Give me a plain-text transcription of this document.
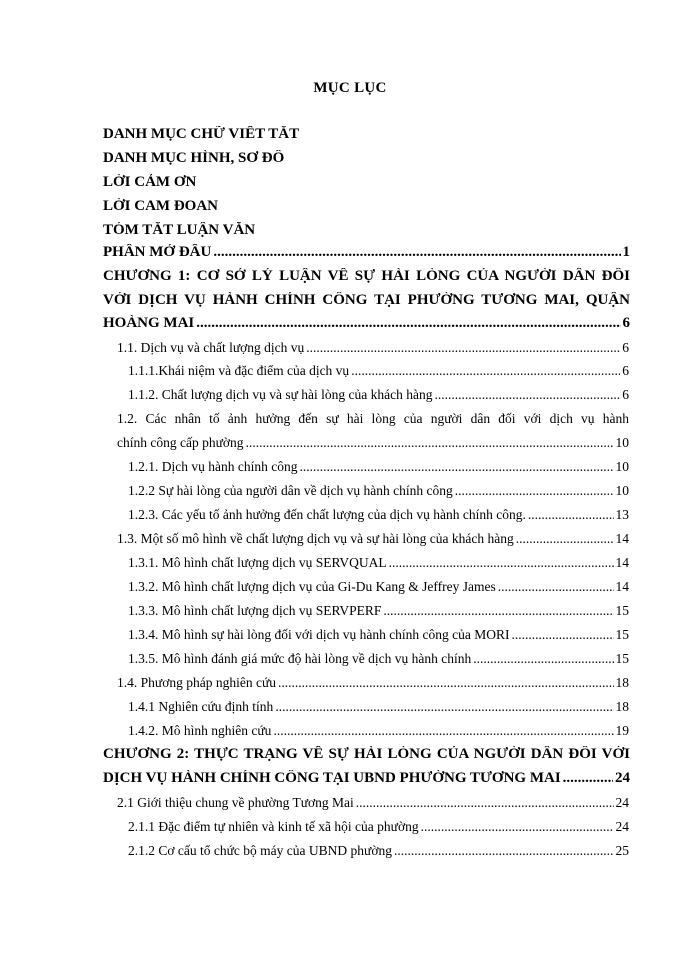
MỤC LỤC
DANH MỤC CHỮ VIẾT TẮT
DANH MỤC HÌNH, SƠ ĐỒ
LỜI CẢM ƠN
LỜI CAM ĐOAN
TÓM TẮT LUẬN VĂN
PHẦN MỞ ĐẦU .....	1
CHƯƠNG 1: CƠ SỞ LÝ LUẬN VỀ SỰ HÀI LÒNG CỦA NGƯỜI DÂN ĐỐI
VỚI DỊCH VỤ HÀNH CHÍNH CÔNG TẠI PHƯỜNG TƯƠNG MAI, QUẬN
HOÀNG MAI .....	6
1.1. Dịch vụ và chất lượng dịch vụ .....	6
1.1.1.Khái niệm và đặc điểm của dịch vụ .....	6
1.1.2. Chất lượng dịch vụ và sự hài lòng của khách hàng .....	6
1.2. Các nhân tố ảnh hưởng đến sự hài lòng của người dân đối với dịch vụ hành
chính công cấp phường .....	10
1.2.1. Dịch vụ hành chính công .....	10
1.2.2 Sự hài lòng của người dân về dịch vụ hành chính công .....	10
1.2.3. Các yếu tố ảnh hưởng đến chất lượng của dịch vụ hành chính công. .....	13
1.3. Một số mô hình về chất lượng dịch vụ và sự hài lòng của khách hàng .....	14
1.3.1. Mô hình chất lượng dịch vụ SERVQUAL .....	14
1.3.2. Mô hình chất lượng dịch vụ của Gi-Du Kang & Jeffrey James .....	14
1.3.3. Mô hình chất lượng dịch vụ SERVPERF .....	15
1.3.4. Mô hình sự hài lòng đối với dịch vụ hành chính công của MORI .....	15
1.3.5. Mô hình đánh giá mức độ hài lòng về dịch vụ hành chính .....	15
1.4. Phương pháp nghiên cứu .....	18
1.4.1 Nghiên cứu định tính .....	18
1.4.2. Mô hình nghiên cứu .....	19
CHƯƠNG 2: THỰC TRẠNG VỀ SỰ HÀI LÒNG CỦA NGƯỜI DÂN ĐỐI VỚI
DỊCH VỤ HÀNH CHÍNH CÔNG TẠI UBND PHƯỜNG TƯƠNG MAI .....	24
2.1 Giới thiệu chung về phường Tương Mai .....	24
2.1.1 Đặc điểm tự nhiên và kinh tế xã hội của phường .....	24
2.1.2 Cơ cấu tổ chức bộ máy của UBND phường .....	25
